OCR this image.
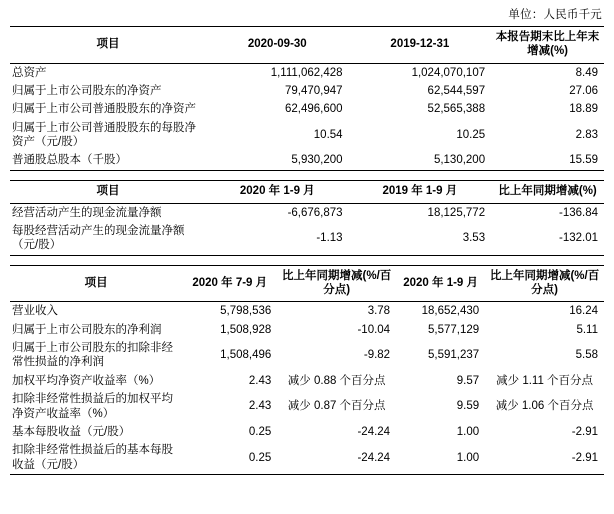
单位：人民币千元
项目	2020-09-30	2019-12-31	本报告期末比上年末增减(%)
总资产	1,111,062,428	1,024,070,107	8.49
归属于上市公司股东的净资产	79,470,947	62,544,597	27.06
归属于上市公司普通股股东的净资产	62,496,600	52,565,388	18.89
归属于上市公司普通股股东的每股净资产（元/股）	10.54	10.25	2.83
普通股总股本（千股）	5,930,200	5,130,200	15.59
项目	2020 年 1-9 月	2019 年 1-9 月	比上年同期增减(%)
经营活动产生的现金流量净额	-6,676,873	18,125,772	-136.84
每股经营活动产生的现金流量净额（元/股）	-1.13	3.53	-132.01
项目	2020 年 7-9 月	比上年同期增减(%/百分点)	2020 年 1-9 月	比上年同期增减(%/百分点)
营业收入	5,798,536	3.78	18,652,430	16.24
归属于上市公司股东的净利润	1,508,928	-10.04	5,577,129	5.11
归属于上市公司股东的扣除非经常性损益的净利润	1,508,496	-9.82	5,591,237	5.58
加权平均净资产收益率（%）	2.43	减少 0.88 个百分点	9.57	减少 1.11 个百分点
扣除非经常性损益后的加权平均净资产收益率（%）	2.43	减少 0.87 个百分点	9.59	减少 1.06 个百分点
基本每股收益（元/股）	0.25	-24.24	1.00	-2.91
扣除非经常性损益后的基本每股收益（元/股）	0.25	-24.24	1.00	-2.91
